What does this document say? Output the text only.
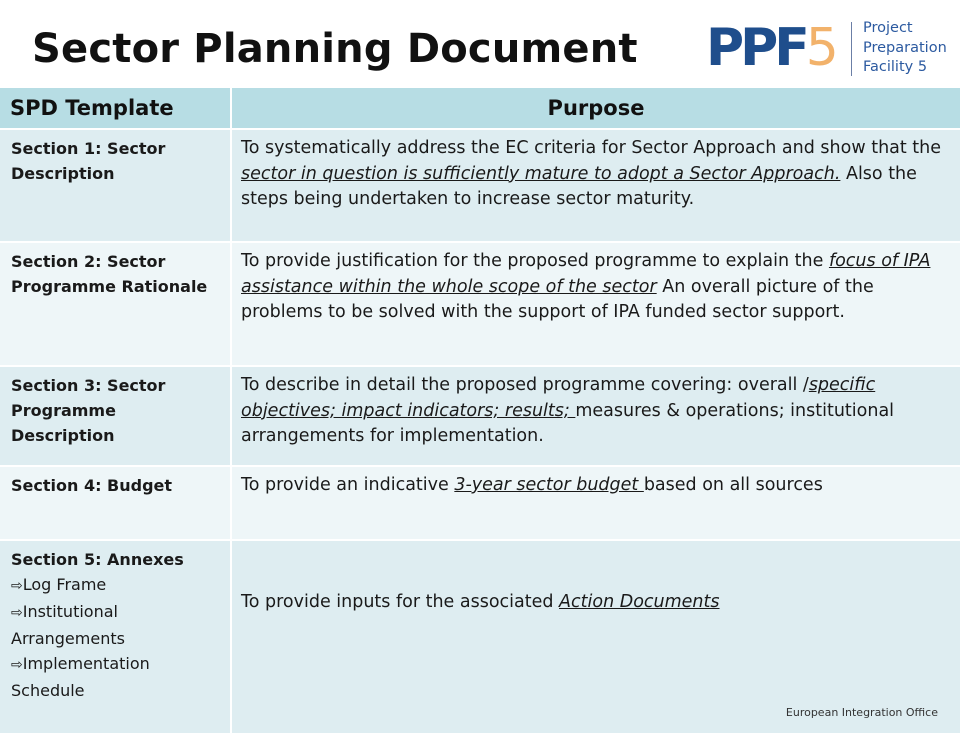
Sector Planning Document PPF5 Project
Preparation
Facility 5
SPD Template	Purpose
Section 1: Sector Description	To systematically address the EC criteria for Sector Approach and show that the sector in question is sufficiently mature to adopt a Sector Approach. Also the steps being undertaken to increase sector maturity.
Section 2: Sector Programme Rationale	To provide justification for the proposed programme to explain the focus of IPA assistance within the whole scope of the sector An overall picture of the problems to be solved with the support of IPA funded sector support.
Section 3: Sector Programme Description	To describe in detail the proposed programme covering: overall /specific objectives; impact indicators; results; measures & operations; institutional arrangements for implementation.
Section 4: Budget	To provide an indicative 3-year sector budget based on all sources
Section 5: Annexes
⇨Log Frame
⇨Institutional Arrangements
⇨Implementation Schedule	To provide inputs for the associated Action Documents
European Integration Office
